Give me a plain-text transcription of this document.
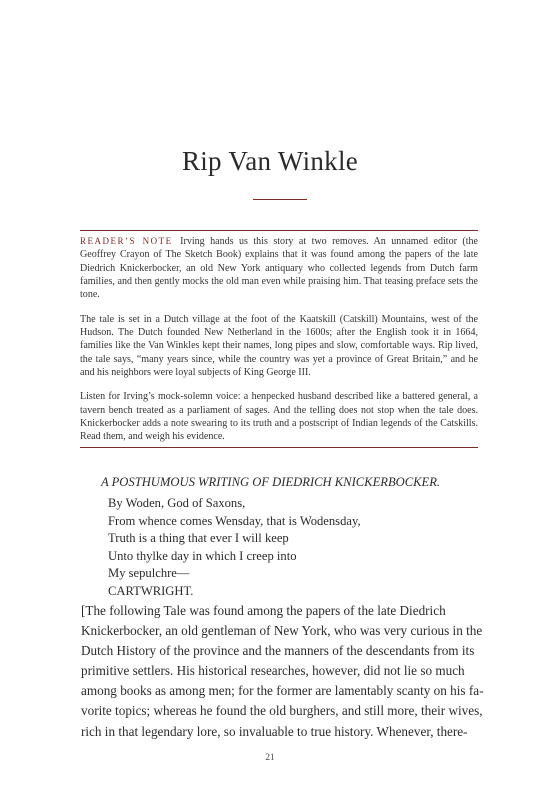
Rip Van Winkle

READER’S NOTE Irving hands us this story at two removes. An unnamed editor (the Geoffrey Crayon of The Sketch Book) explains that it was found among the papers of the late Diedrich Knickerbocker, an old New York antiquary who collected legends from Dutch farm families, and then gently mocks the old man even while praising him. That teasing preface sets the tone.

The tale is set in a Dutch village at the foot of the Kaatskill (Catskill) Mountains, west of the Hudson. The Dutch founded New Netherland in the 1600s; after the English took it in 1664, families like the Van Winkles kept their names, long pipes and slow, comfortable ways. Rip lived, the tale says, “many years since, while the country was yet a province of Great Britain,” and he and his neighbors were loyal subjects of King George III.

Listen for Irving’s mock-solemn voice: a henpecked husband described like a battered general, a tavern bench treated as a parliament of sages. And the telling does not stop when the tale does. Knickerbocker adds a note swearing to its truth and a postscript of Indian legends of the Catskills. Read them, and weigh his evidence.

A POSTHUMOUS WRITING OF DIEDRICH KNICKERBOCKER.
By Woden, God of Saxons,
From whence comes Wensday, that is Wodensday,
Truth is a thing that ever I will keep
Unto thylke day in which I creep into
My sepulchre—
CARTWRIGHT.
[The following Tale was found among the papers of the late Diedrich
Knickerbocker, an old gentleman of New York, who was very curious in the
Dutch History of the province and the manners of the descendants from its
primitive settlers. His historical researches, however, did not lie so much
among books as among men; for the former are lamentably scanty on his fa-
vorite topics; whereas he found the old burghers, and still more, their wives,
rich in that legendary lore, so invaluable to true history. Whenever, there-
21
